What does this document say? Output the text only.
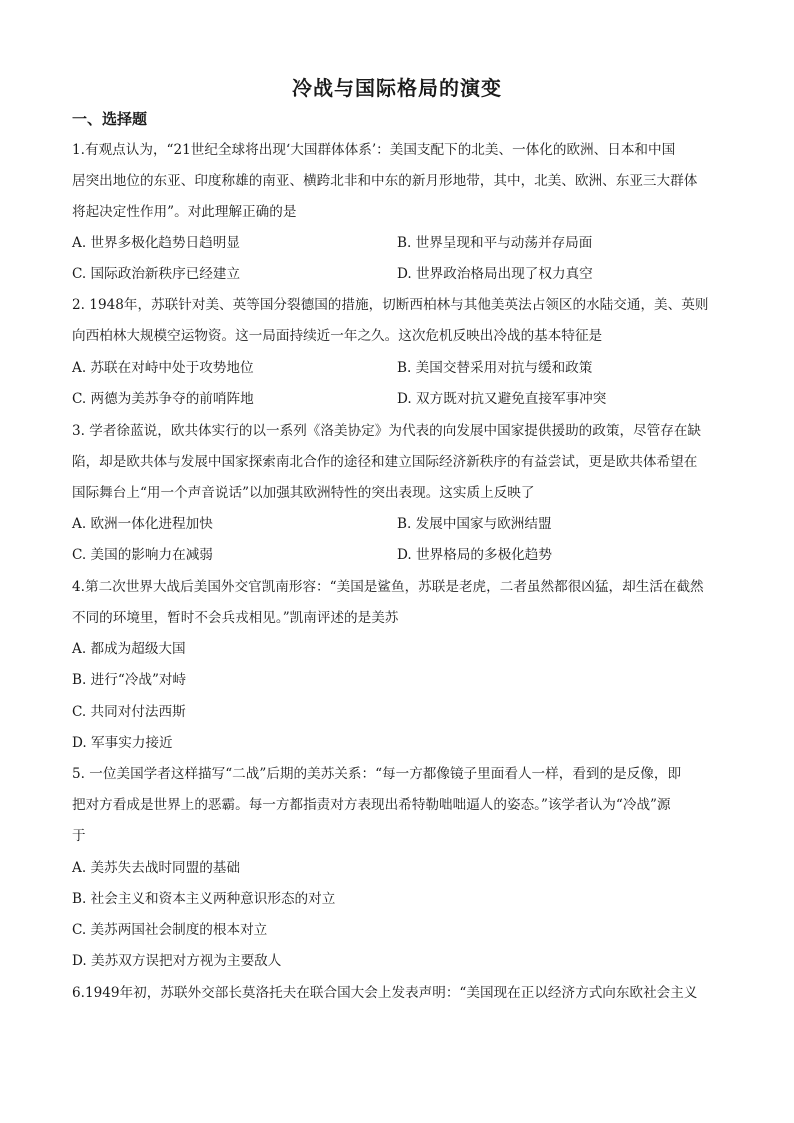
冷战与国际格局的演变
一、选择题
1.有观点认为，“21世纪全球将出现‘大国群体体系’：美国支配下的北美、一体化的欧洲、日本和中国
居突出地位的东亚、印度称雄的南亚、横跨北非和中东的新月形地带，其中，北美、欧洲、东亚三大群体
将起决定性作用”。对此理解正确的是
A. 世界多极化趋势日趋明显	B. 世界呈现和平与动荡并存局面
C. 国际政治新秩序已经建立	D. 世界政治格局出现了权力真空
2. 1948年，苏联针对美、英等国分裂德国的措施，切断西柏林与其他美英法占领区的水陆交通，美、英则
向西柏林大规模空运物资。这一局面持续近一年之久。这次危机反映出冷战的基本特征是
A. 苏联在对峙中处于攻势地位	B. 美国交替采用对抗与缓和政策
C. 两德为美苏争夺的前哨阵地	D. 双方既对抗又避免直接军事冲突
3. 学者徐蓝说，欧共体实行的以一系列《洛美协定》为代表的向发展中国家提供援助的政策，尽管存在缺
陷，却是欧共体与发展中国家探索南北合作的途径和建立国际经济新秩序的有益尝试，更是欧共体希望在
国际舞台上“用一个声音说话”以加强其欧洲特性的突出表现。这实质上反映了
A. 欧洲一体化进程加快	B. 发展中国家与欧洲结盟
C. 美国的影响力在减弱	D. 世界格局的多极化趋势
4.第二次世界大战后美国外交官凯南形容：“美国是鲨鱼，苏联是老虎，二者虽然都很凶猛，却生活在截然
不同的环境里，暂时不会兵戎相见。”凯南评述的是美苏
A. 都成为超级大国
B. 进行“冷战”对峙
C. 共同对付法西斯
D. 军事实力接近
5. 一位美国学者这样描写“二战”后期的美苏关系：“每一方都像镜子里面看人一样，看到的是反像，即
把对方看成是世界上的恶霸。每一方都指责对方表现出希特勒咄咄逼人的姿态。”该学者认为“冷战”源
于
A. 美苏失去战时同盟的基础
B. 社会主义和资本主义两种意识形态的对立
C. 美苏两国社会制度的根本对立
D. 美苏双方误把对方视为主要敌人
6.1949年初，苏联外交部长莫洛托夫在联合国大会上发表声明：“美国现在正以经济方式向东欧社会主义
